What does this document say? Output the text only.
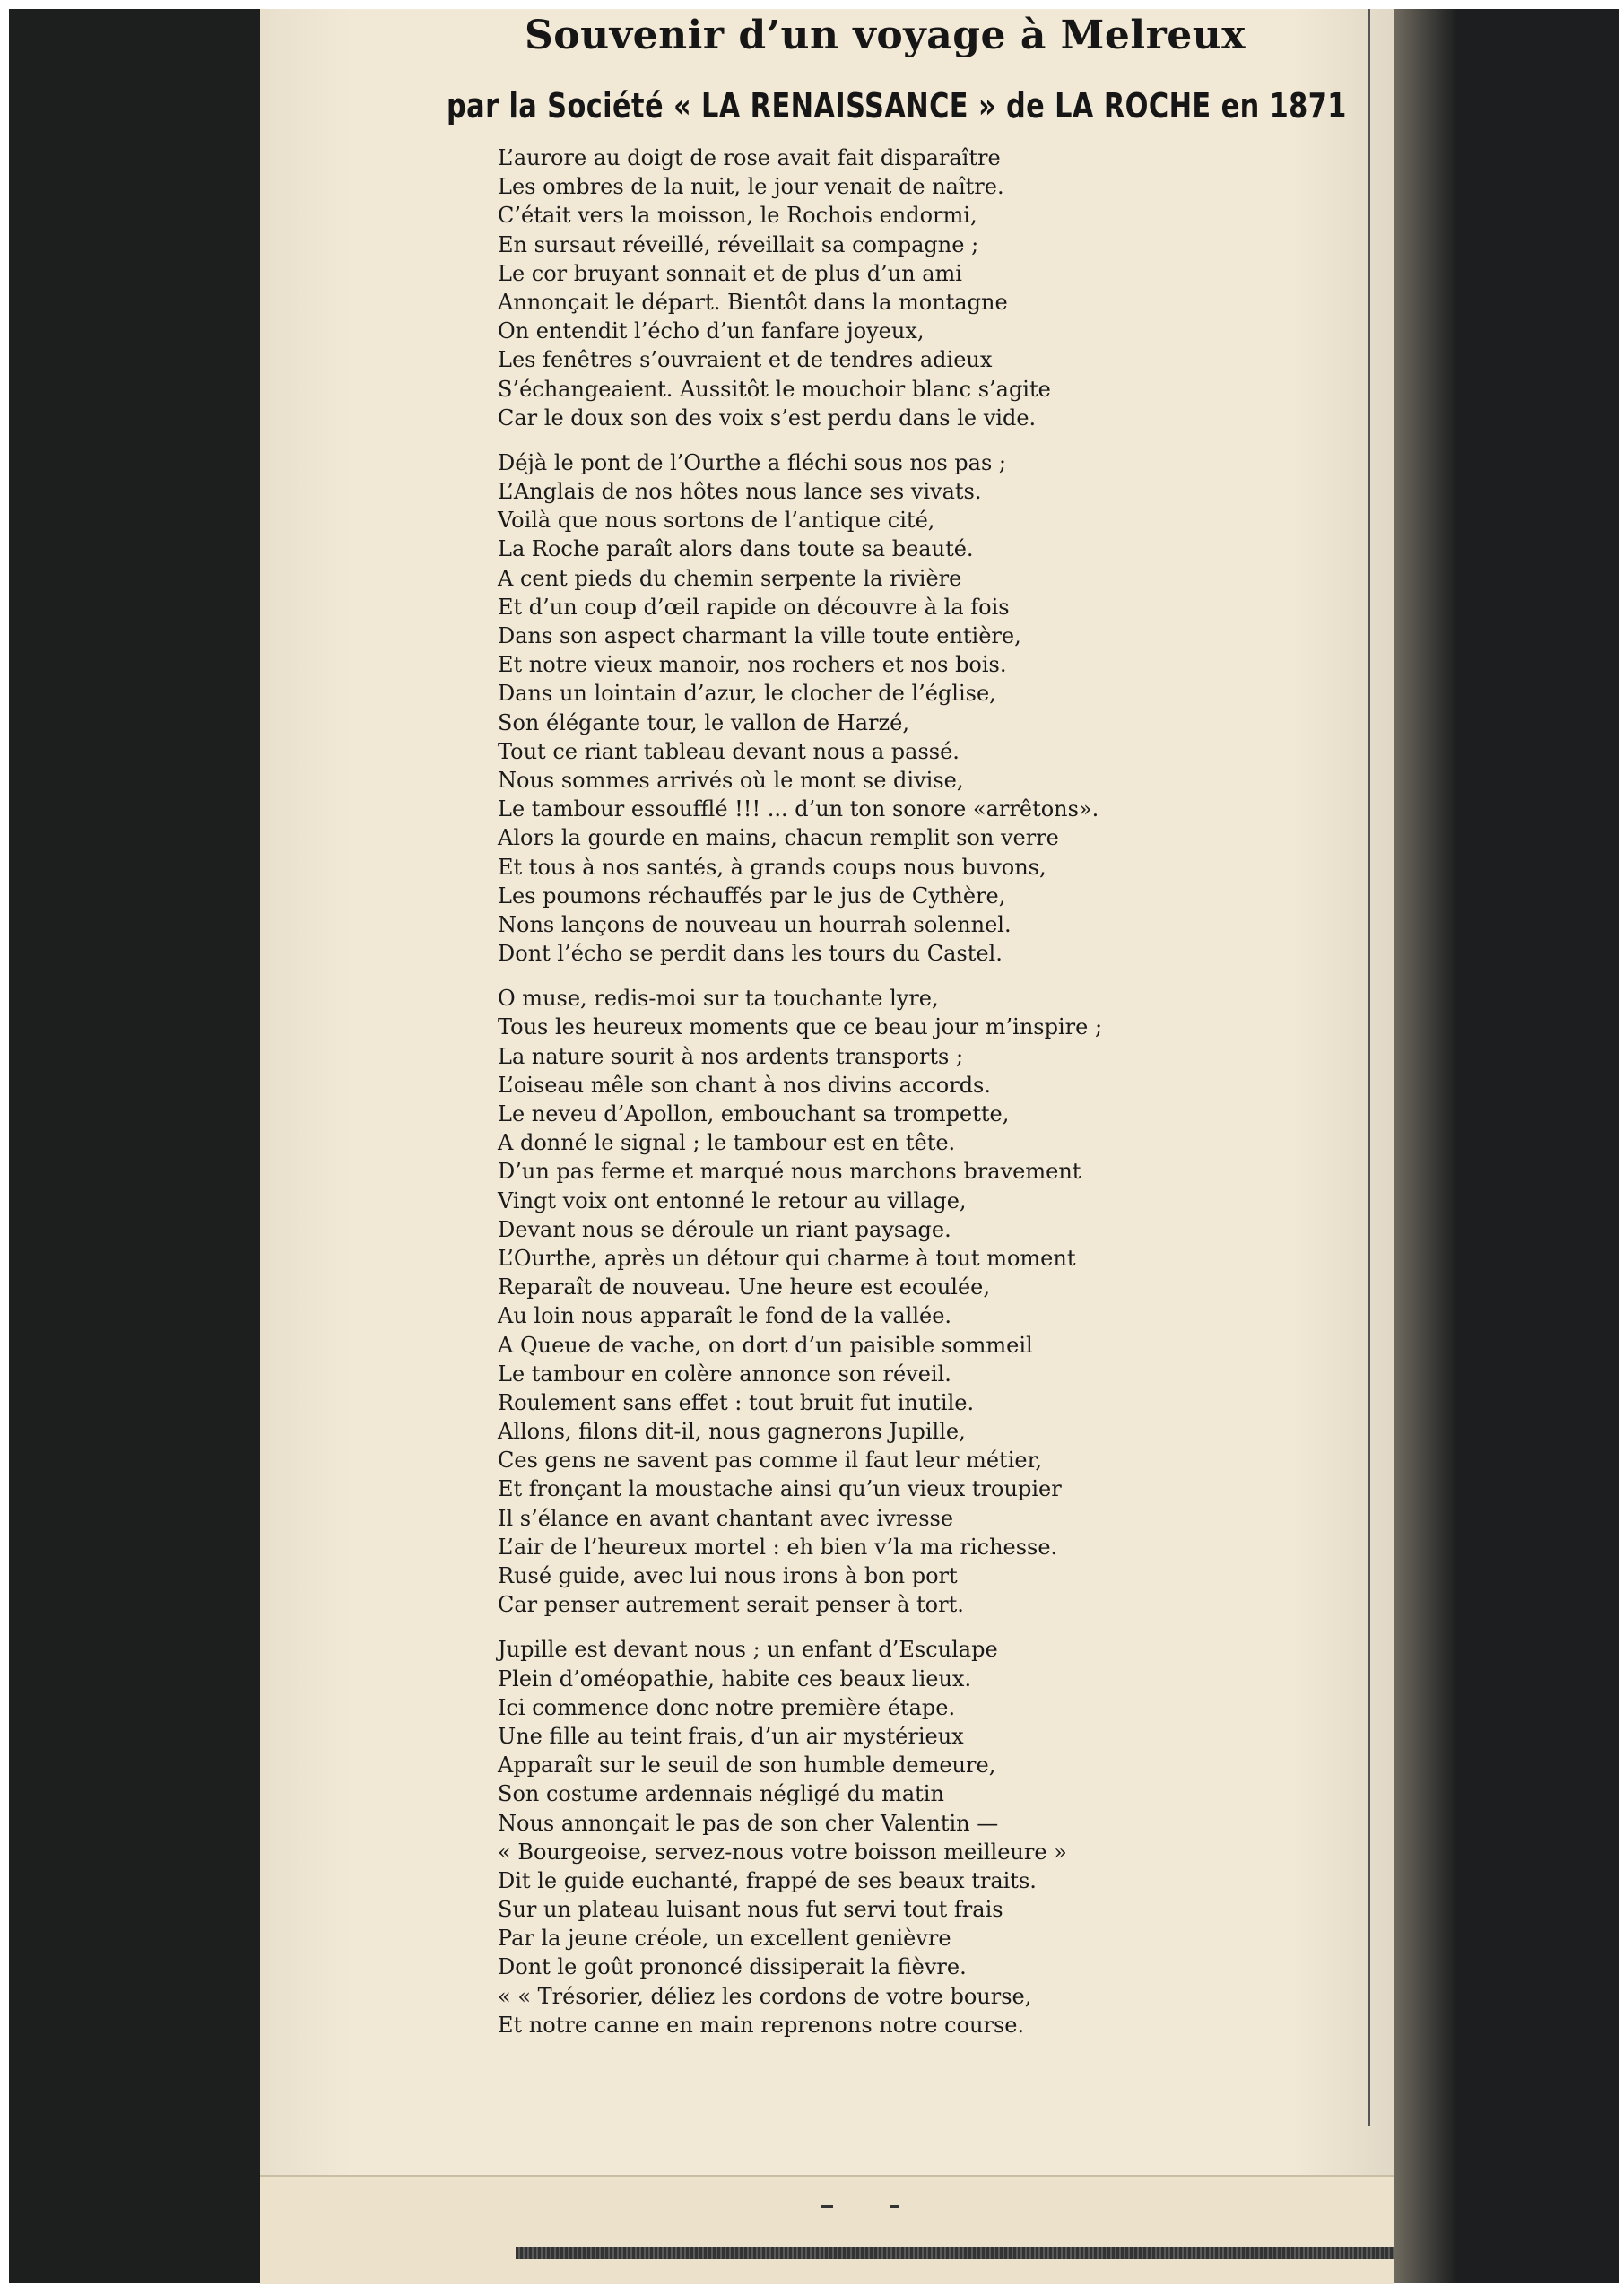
Souvenir d’un voyage à Melreux
par la Société « LA RENAISSANCE » de LA ROCHE en 1871
L’aurore au doigt de rose avait fait disparaître
Les ombres de la nuit, le jour venait de naître.
C’était vers la moisson, le Rochois endormi,
En sursaut réveillé, réveillait sa compagne ;
Le cor bruyant sonnait et de plus d’un ami
Annonçait le départ. Bientôt dans la montagne
On entendit l’écho d’un fanfare joyeux,
Les fenêtres s’ouvraient et de tendres adieux
S’échangeaient. Aussitôt le mouchoir blanc s’agite
Car le doux son des voix s’est perdu dans le vide.
Déjà le pont de l’Ourthe a fléchi sous nos pas ;
L’Anglais de nos hôtes nous lance ses vivats.
Voilà que nous sortons de l’antique cité,
La Roche paraît alors dans toute sa beauté.
A cent pieds du chemin serpente la rivière
Et d’un coup d’œil rapide on découvre à la fois
Dans son aspect charmant la ville toute entière,
Et notre vieux manoir, nos rochers et nos bois.
Dans un lointain d’azur, le clocher de l’église,
Son élégante tour, le vallon de Harzé,
Tout ce riant tableau devant nous a passé.
Nous sommes arrivés où le mont se divise,
Le tambour essoufflé !!! ... d’un ton sonore «arrêtons».
Alors la gourde en mains, chacun remplit son verre
Et tous à nos santés, à grands coups nous buvons,
Les poumons réchauffés par le jus de Cythère,
Nons lançons de nouveau un hourrah solennel.
Dont l’écho se perdit dans les tours du Castel.
O muse, redis-moi sur ta touchante lyre,
Tous les heureux moments que ce beau jour m’inspire ;
La nature sourit à nos ardents transports ;
L’oiseau mêle son chant à nos divins accords.
Le neveu d’Apollon, embouchant sa trompette,
A donné le signal ; le tambour est en tête.
D’un pas ferme et marqué nous marchons bravement
Vingt voix ont entonné le retour au village,
Devant nous se déroule un riant paysage.
L’Ourthe, après un détour qui charme à tout moment
Reparaît de nouveau. Une heure est ecoulée,
Au loin nous apparaît le fond de la vallée.
A Queue de vache, on dort d’un paisible sommeil
Le tambour en colère annonce son réveil.
Roulement sans effet : tout bruit fut inutile.
Allons, filons dit-il, nous gagnerons Jupille,
Ces gens ne savent pas comme il faut leur métier,
Et fronçant la moustache ainsi qu’un vieux troupier
Il s’élance en avant chantant avec ivresse
L’air de l’heureux mortel : eh bien v’la ma richesse.
Rusé guide, avec lui nous irons à bon port
Car penser autrement serait penser à tort.
Jupille est devant nous ; un enfant d’Esculape
Plein d’oméopathie, habite ces beaux lieux.
Ici commence donc notre première étape.
Une fille au teint frais, d’un air mystérieux
Apparaît sur le seuil de son humble demeure,
Son costume ardennais négligé du matin
Nous annonçait le pas de son cher Valentin —
« Bourgeoise, servez-nous votre boisson meilleure »
Dit le guide euchanté, frappé de ses beaux traits.
Sur un plateau luisant nous fut servi tout frais
Par la jeune créole, un excellent genièvre
Dont le goût prononcé dissiperait la fièvre.
« « Trésorier, déliez les cordons de votre bourse,
Et notre canne en main reprenons notre course.
